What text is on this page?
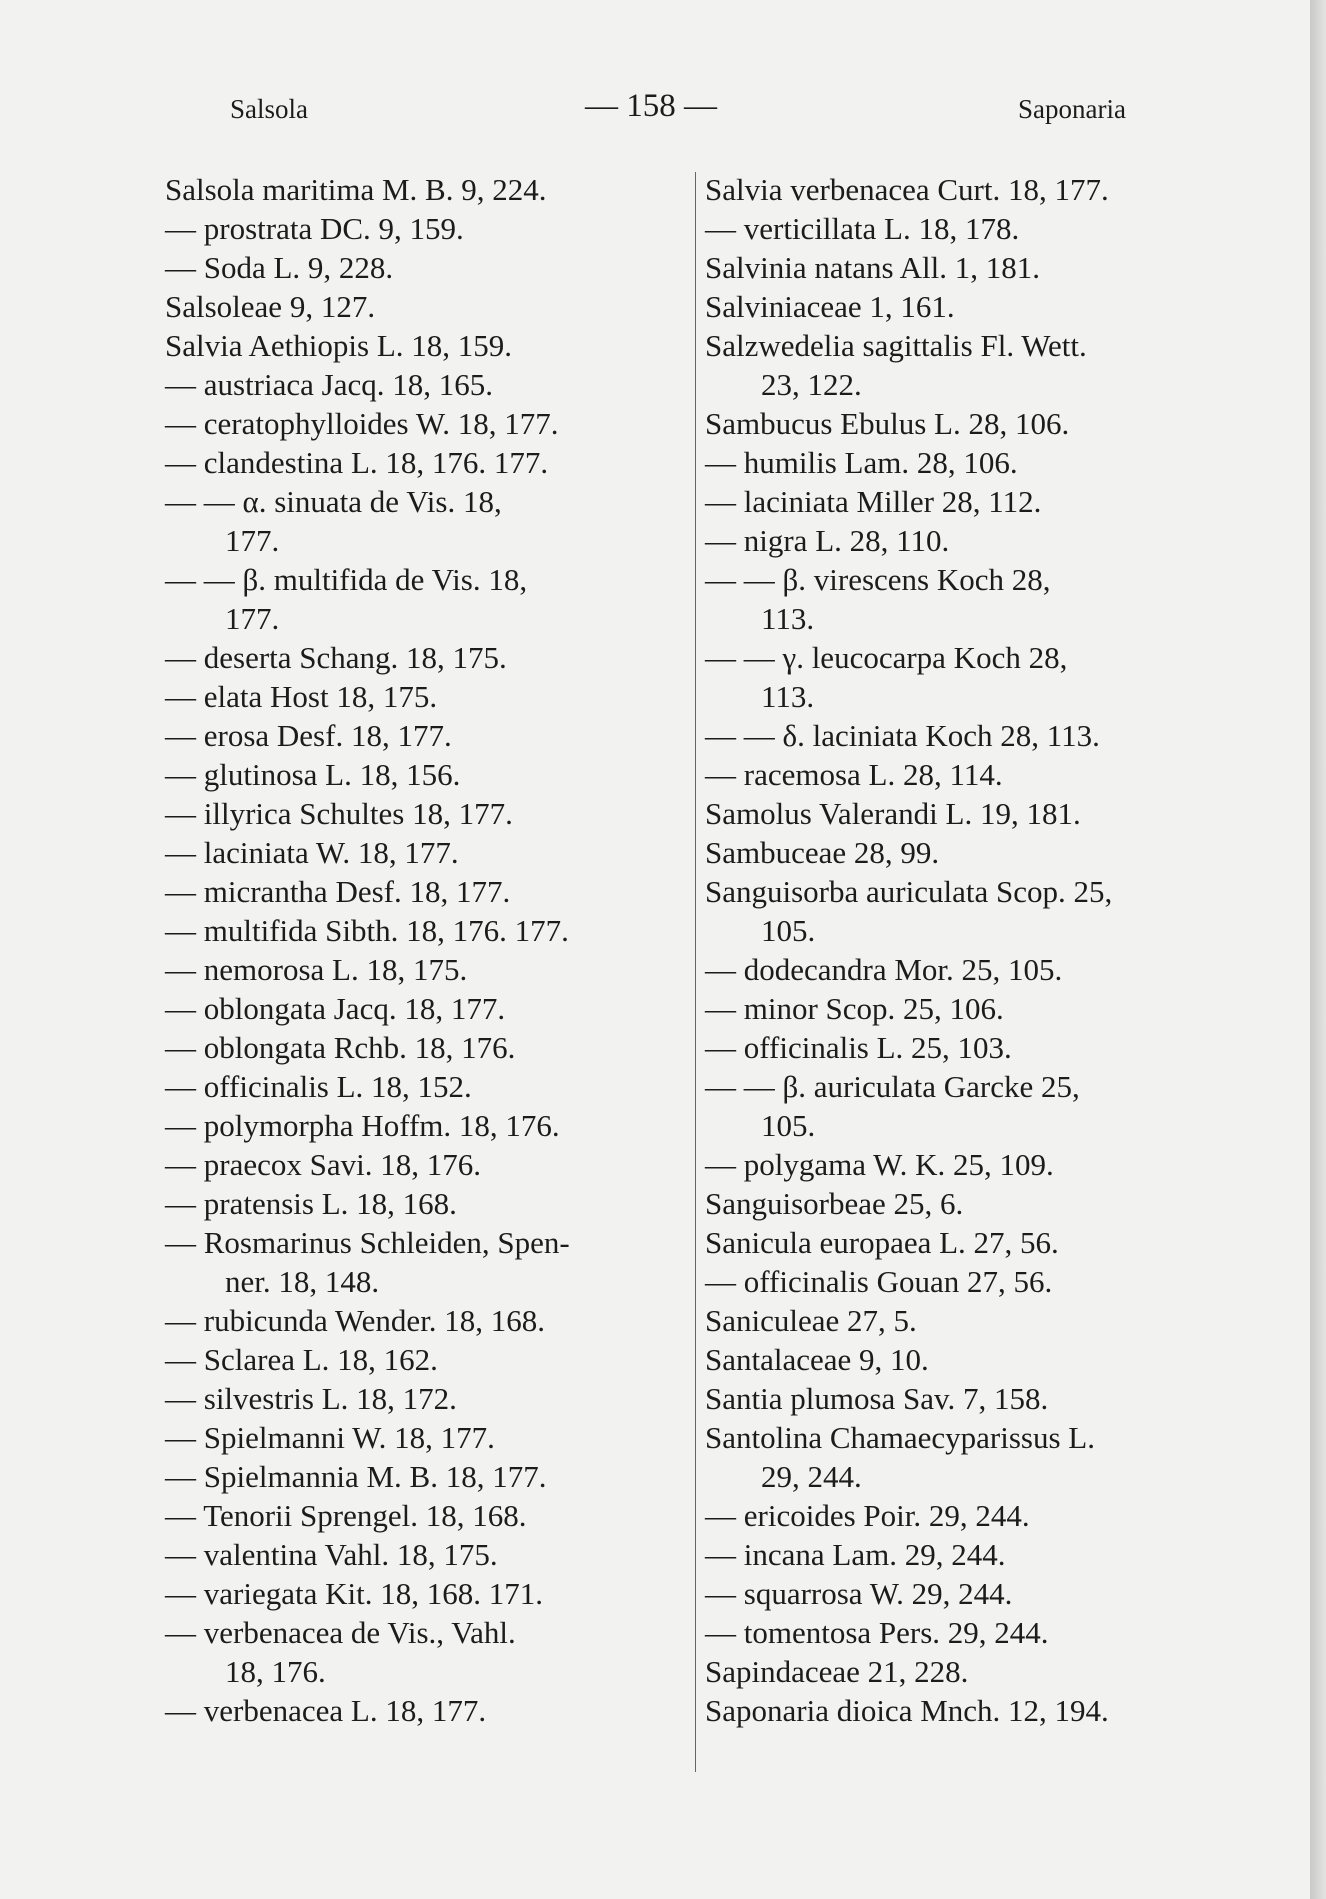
Salsola	— 158 —	Saponaria
Salsola maritima M. B. 9, 224.
— prostrata DC. 9, 159.
— Soda L. 9, 228.
Salsoleae 9, 127.
Salvia Aethiopis L. 18, 159.
— austriaca Jacq. 18, 165.
— ceratophylloides W. 18, 177.
— clandestina L. 18, 176. 177.
— — α. sinuata de Vis. 18,
177.
— — β. multifida de Vis. 18,
177.
— deserta Schang. 18, 175.
— elata Host 18, 175.
— erosa Desf. 18, 177.
— glutinosa L. 18, 156.
— illyrica Schultes 18, 177.
— laciniata W. 18, 177.
— micrantha Desf. 18, 177.
— multifida Sibth. 18, 176. 177.
— nemorosa L. 18, 175.
— oblongata Jacq. 18, 177.
— oblongata Rchb. 18, 176.
— officinalis L. 18, 152.
— polymorpha Hoffm. 18, 176.
— praecox Savi. 18, 176.
— pratensis L. 18, 168.
— Rosmarinus Schleiden, Spen-
ner. 18, 148.
— rubicunda Wender. 18, 168.
— Sclarea L. 18, 162.
— silvestris L. 18, 172.
— Spielmanni W. 18, 177.
— Spielmannia M. B. 18, 177.
— Tenorii Sprengel. 18, 168.
— valentina Vahl. 18, 175.
— variegata Kit. 18, 168. 171.
— verbenacea de Vis., Vahl.
18, 176.
— verbenacea L. 18, 177.
Salvia verbenacea Curt. 18, 177.
— verticillata L. 18, 178.
Salvinia natans All. 1, 181.
Salviniaceae 1, 161.
Salzwedelia sagittalis Fl. Wett.
23, 122.
Sambucus Ebulus L. 28, 106.
— humilis Lam. 28, 106.
— laciniata Miller 28, 112.
— nigra L. 28, 110.
— — β. virescens Koch 28,
113.
— — γ. leucocarpa Koch 28,
113.
— — δ. laciniata Koch 28, 113.
— racemosa L. 28, 114.
Samolus Valerandi L. 19, 181.
Sambuceae 28, 99.
Sanguisorba auriculata Scop. 25,
105.
— dodecandra Mor. 25, 105.
— minor Scop. 25, 106.
— officinalis L. 25, 103.
— — β. auriculata Garcke 25,
105.
— polygama W. K. 25, 109.
Sanguisorbeae 25, 6.
Sanicula europaea L. 27, 56.
— officinalis Gouan 27, 56.
Saniculeae 27, 5.
Santalaceae 9, 10.
Santia plumosa Sav. 7, 158.
Santolina Chamaecyparissus L.
29, 244.
— ericoides Poir. 29, 244.
— incana Lam. 29, 244.
— squarrosa W. 29, 244.
— tomentosa Pers. 29, 244.
Sapindaceae 21, 228.
Saponaria dioica Mnch. 12, 194.
